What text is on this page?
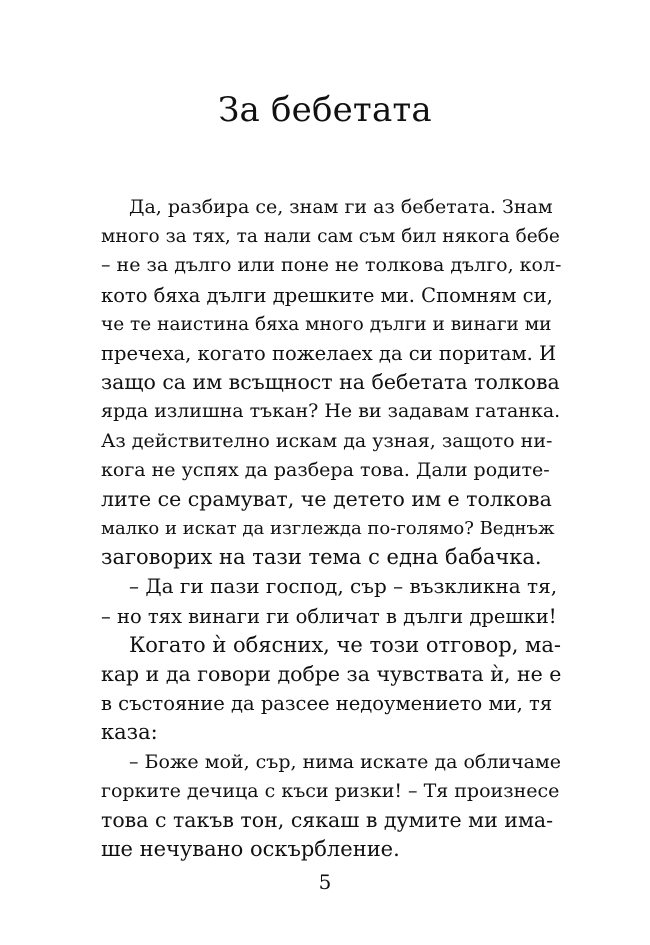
За бебетата
Да, разбира се, знам ги аз бебетата. Знам
много за тях, та нали сам съм бил някога бебе
– не за дълго или поне не толкова дълго, кол-
кото бяха дълги дрешките ми. Спомням си,
че те наистина бяха много дълги и винаги ми
пречеха, когато пожелаех да си поритам. И
защо са им всъщност на бебетата толкова
ярда излишна тъкан? Не ви задавам гатанка.
Аз действително искам да узная, защото ни-
кога не успях да разбера това. Дали родите-
лите се срамуват, че детето им е толкова
малко и искат да изглежда по-голямо? Веднъж
заговорих на тази тема с една бабачка.
– Да ги пази господ, сър – възкликна тя,
– но тях винаги ги обличат в дълги дрешки!
Когато ѝ обясних, че този отговор, ма-
кар и да говори добре за чувствата ѝ, не е
в състояние да разсее недоумението ми, тя
каза:
– Боже мой, сър, нима искате да обличаме
горките дечица с къси ризки! – Тя произнесе
това с такъв тон, сякаш в думите ми има-
ше нечувано оскърбление.
5
